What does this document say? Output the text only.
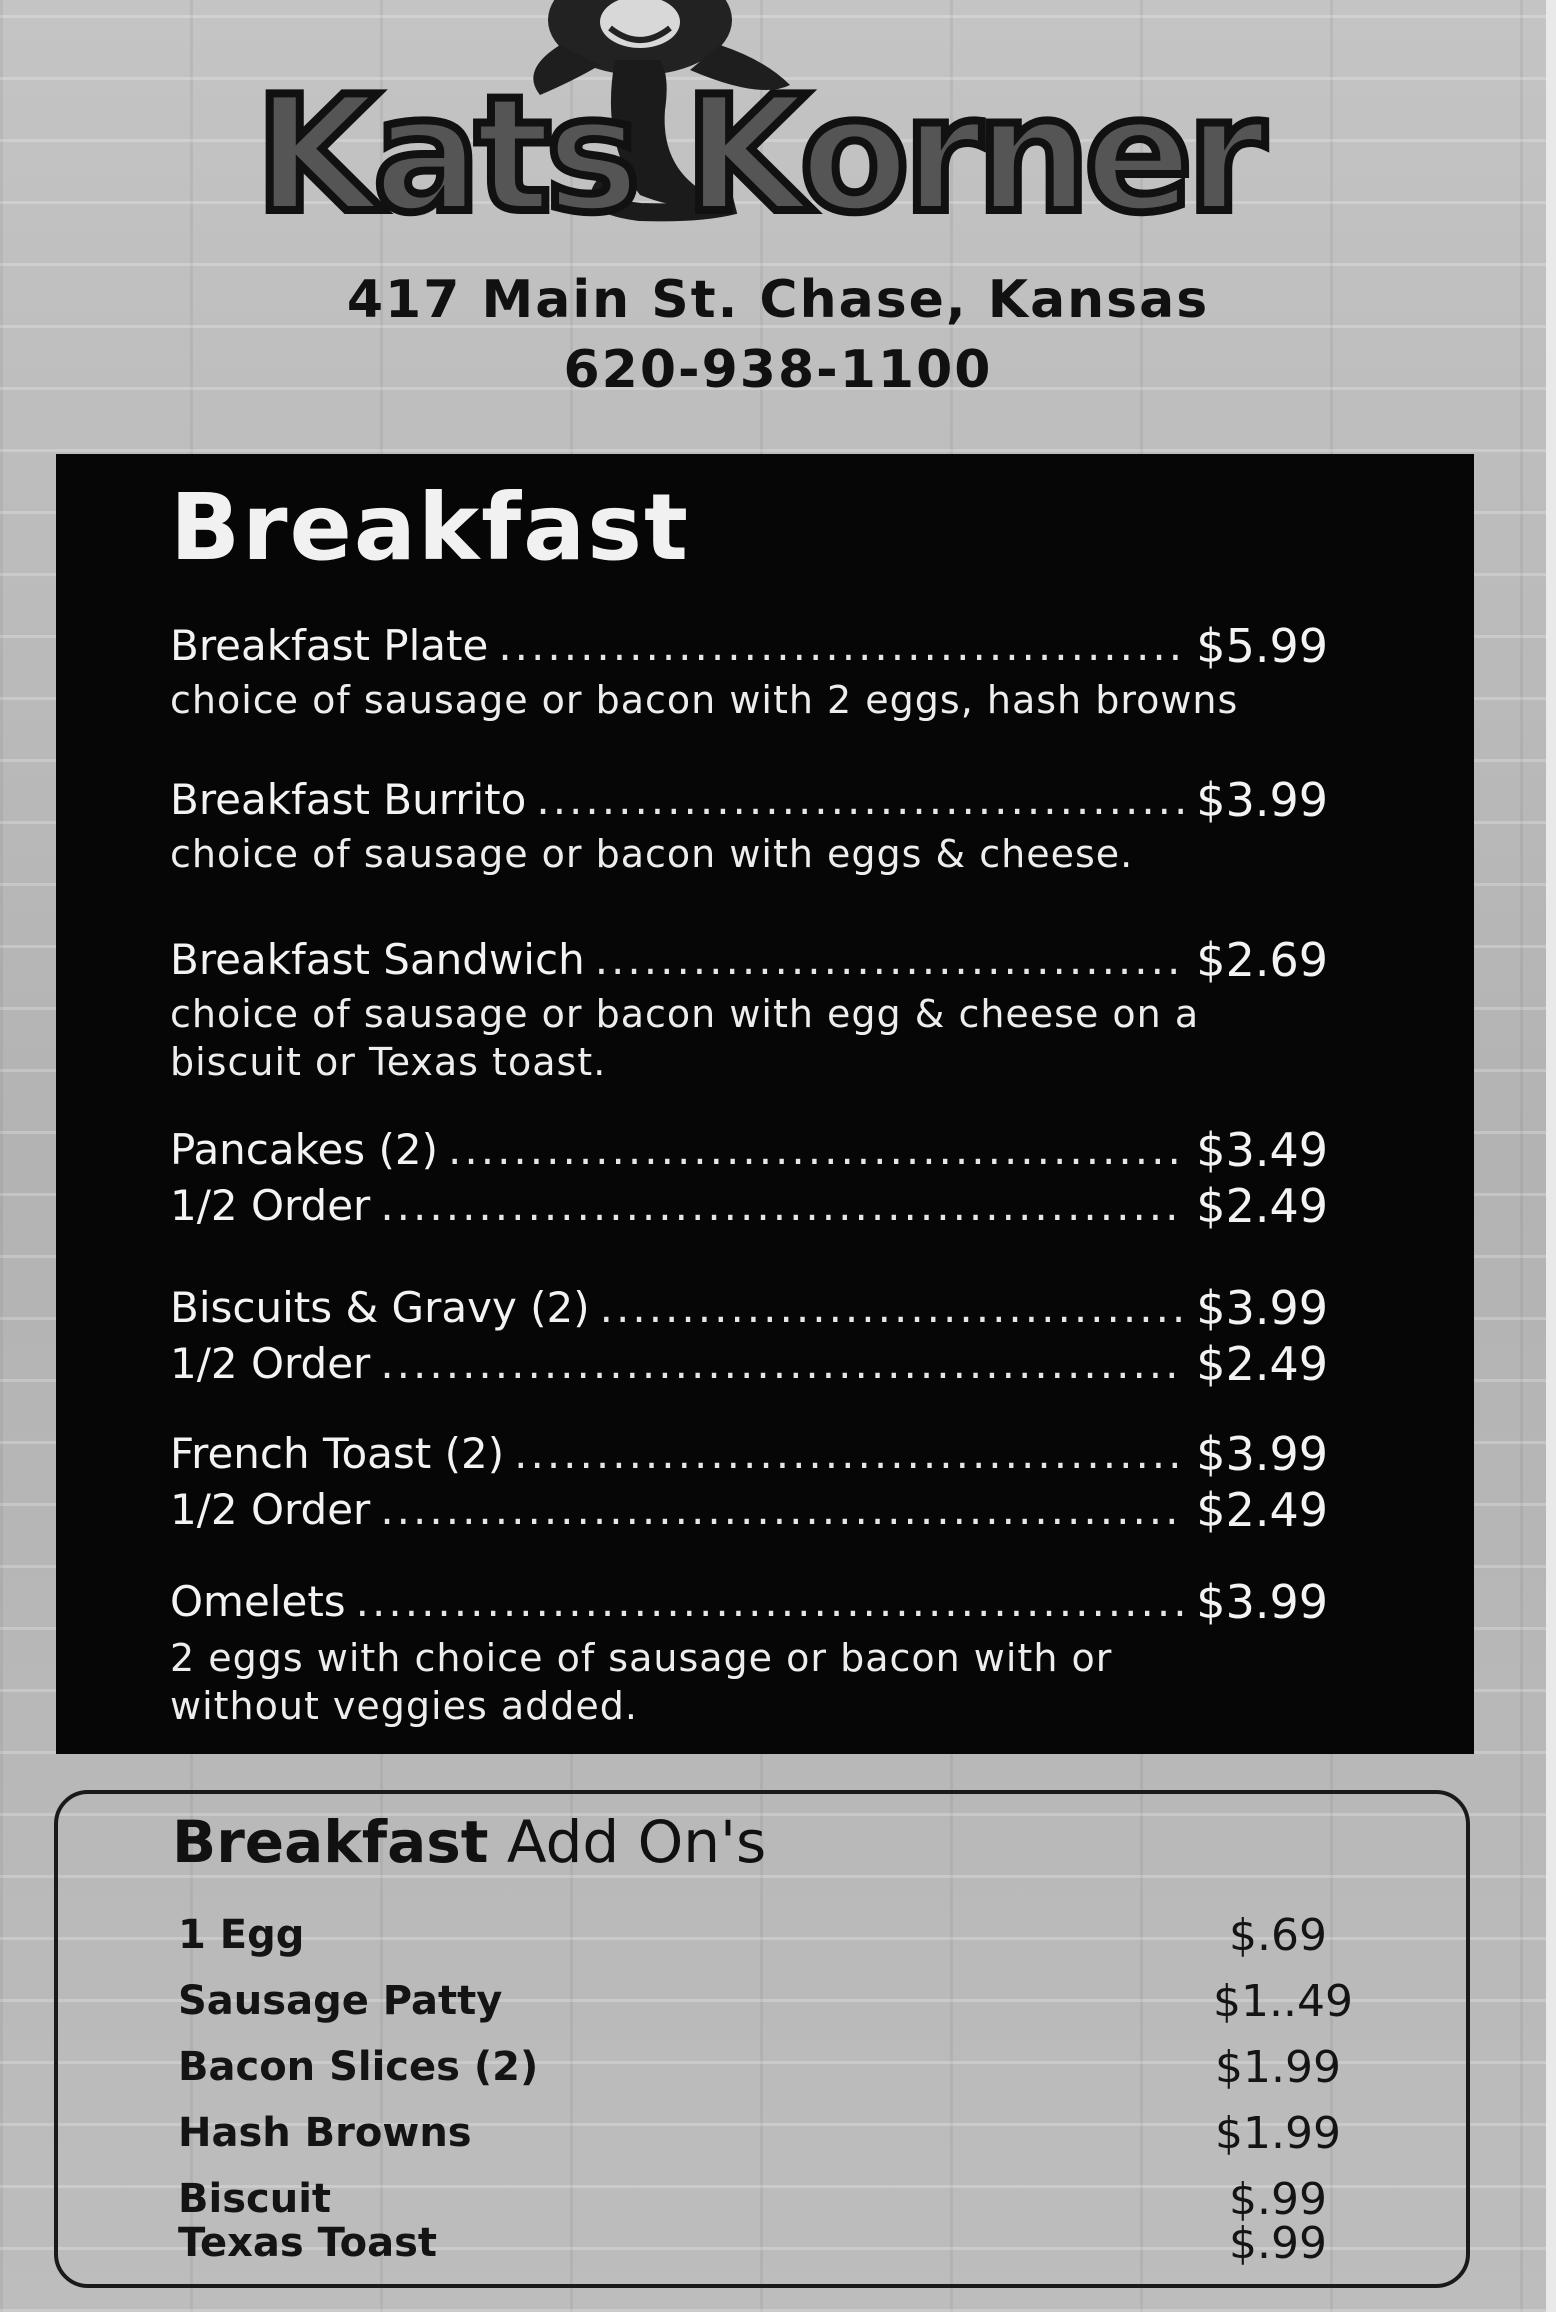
Kats Korner
417 Main St. Chase, Kansas
620-938-1100
Breakfast
Breakfast Plate .....	$5.99
choice of sausage or bacon with 2 eggs, hash browns
Breakfast Burrito .....	$3.99
choice of sausage or bacon with eggs & cheese.
Breakfast Sandwich .....	$2.69
choice of sausage or bacon with egg & cheese on a biscuit or Texas toast.
Pancakes (2) .....	$3.49
1/2 Order .....	$2.49
Biscuits & Gravy (2) .....	$3.99
1/2 Order .....	$2.49
French Toast (2) .....	$3.99
1/2 Order .....	$2.49
Omelets .....	$3.99
2 eggs with choice of sausage or bacon with or without veggies added.
Breakfast Add On's
1 Egg	$.69
Sausage Patty	$1..49
Bacon Slices (2)	$1.99
Hash Browns	$1.99
Biscuit	$.99
Texas Toast	$.99
